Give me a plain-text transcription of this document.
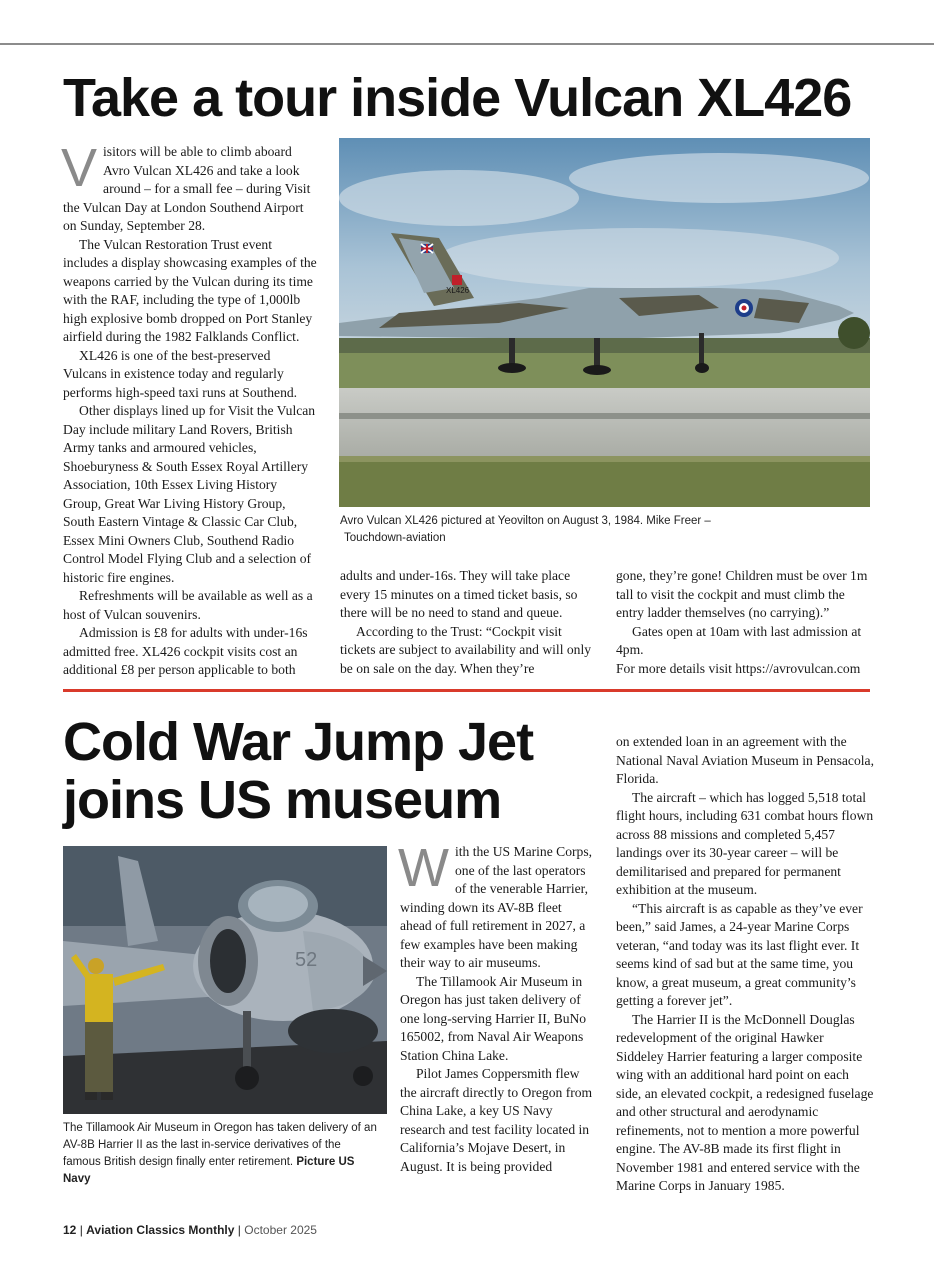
Take a tour inside Vulcan XL426

Visitors will be able to climb aboard Avro Vulcan XL426 and take a look around – for a small fee – during Visit the Vulcan Day at London Southend Airport on Sunday, September 28.

The Vulcan Restoration Trust event includes a display showcasing examples of the weapons carried by the Vulcan during its time with the RAF, including the type of 1,000lb high explosive bomb dropped on Port Stanley airfield during the 1982 Falklands Conflict.

XL426 is one of the best-preserved Vulcans in existence today and regularly performs high-speed taxi runs at Southend.

Other displays lined up for Visit the Vulcan Day include military Land Rovers, British Army tanks and armoured vehicles, Shoeburyness & South Essex Royal Artillery Association, 10th Essex Living History Group, Great War Living History Group, South Eastern Vintage & Classic Car Club, Essex Mini Owners Club, Southend Radio Control Model Flying Club and a selection of historic fire engines.

Refreshments will be available as well as a host of Vulcan souvenirs.

Admission is £8 for adults with under-16s admitted free. XL426 cockpit visits cost an additional £8 per person applicable to both

XL426
Avro Vulcan XL426 pictured at Yeovilton on August 3, 1984. Mike Freer –
Touchdown-aviation

adults and under-16s. They will take place every 15 minutes on a timed ticket basis, so there will be no need to stand and queue.

According to the Trust: “Cockpit visit tickets are subject to availability and will only be on sale on the day. When they’re

gone, they’re gone! Children must be over 1m tall to visit the cockpit and must climb the entry ladder themselves (no carrying).”

Gates open at 10am with last admission at 4pm.

For more details visit https://avrovulcan.com

Cold War Jump Jet joins US museum
52
The Tillamook Air Museum in Oregon has taken delivery of an AV-8B Harrier II as the last in-service derivatives of the famous British design finally enter retirement. Picture US Navy

With the US Marine Corps, one of the last operators of the venerable Harrier, winding down its AV-8B fleet ahead of full retirement in 2027, a few examples have been making their way to air museums.

The Tillamook Air Museum in Oregon has just taken delivery of one long-serving Harrier II, BuNo 165002, from Naval Air Weapons Station China Lake.

Pilot James Coppersmith flew the aircraft directly to Oregon from China Lake, a key US Navy research and test facility located in California’s Mojave Desert, in August. It is being provided

on extended loan in an agreement with the National Naval Aviation Museum in Pensacola, Florida.

The aircraft – which has logged 5,518 total flight hours, including 631 combat hours flown across 88 missions and completed 5,457 landings over its 30-year career – will be demilitarised and prepared for permanent exhibition at the museum.

“This aircraft is as capable as they’ve ever been,” said James, a 24-year Marine Corps veteran, “and today was its last flight ever. It seems kind of sad but at the same time, you know, a great museum, a great community’s getting a forever jet”.

The Harrier II is the McDonnell Douglas redevelopment of the original Hawker Siddeley Harrier featuring a larger composite wing with an additional hard point on each side, an elevated cockpit, a redesigned fuselage and other structural and aerodynamic refinements, not to mention a more powerful engine. The AV-8B made its first flight in November 1981 and entered service with the Marine Corps in January 1985.

12 | Aviation Classics Monthly | October 2025
